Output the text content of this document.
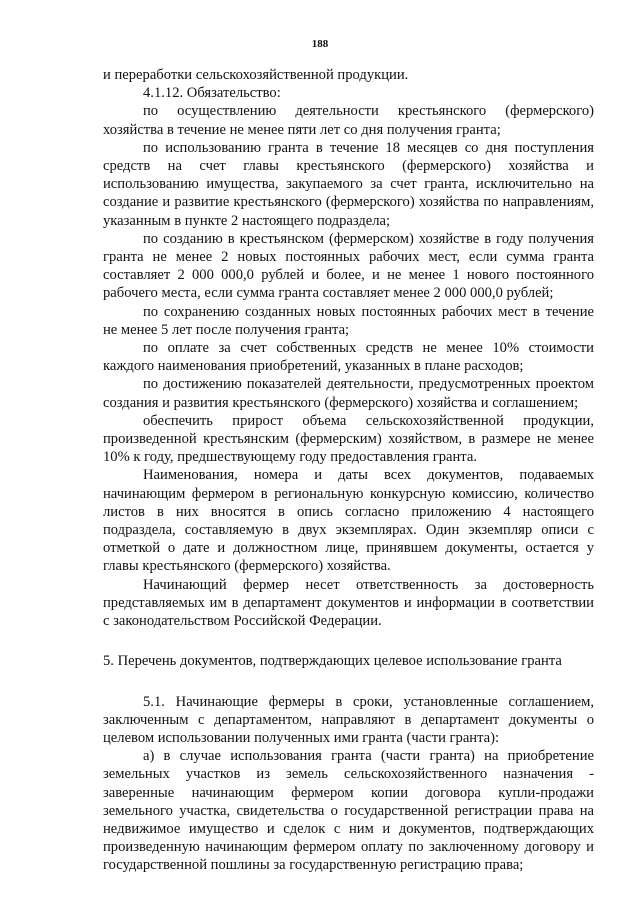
188

и переработки сельскохозяйственной продукции.

4.1.12. Обязательство:

по осуществлению деятельности крестьянского (фермерского) хозяйства в течение не менее пяти лет со дня получения гранта;

по использованию гранта в течение 18 месяцев со дня поступления средств на счет главы крестьянского (фермерского) хозяйства и использованию имущества, закупаемого за счет гранта, исключительно на создание и развитие крестьянского (фермерского) хозяйства по направлениям, указанным в пункте 2 настоящего подраздела;

по созданию в крестьянском (фермерском) хозяйстве в году получения гранта не менее 2 новых постоянных рабочих мест, если сумма гранта составляет 2 000 000,0 рублей и более, и не менее 1 нового постоянного рабочего места, если сумма гранта составляет менее 2 000 000,0 рублей;

по сохранению созданных новых постоянных рабочих мест в течение не менее 5 лет после получения гранта;

по оплате за счет собственных средств не менее 10% стоимости каждого наименования приобретений, указанных в плане расходов;

по достижению показателей деятельности, предусмотренных проектом создания и развития крестьянского (фермерского) хозяйства и соглашением;

обеспечить прирост объема сельскохозяйственной продукции, произведенной крестьянским (фермерским) хозяйством, в размере не менее 10% к году, предшествующему году предоставления гранта.

Наименования, номера и даты всех документов, подаваемых начинающим фермером в региональную конкурсную комиссию, количество листов в них вносятся в опись согласно приложению 4 настоящего подраздела, составляемую в двух экземплярах. Один экземпляр описи с отметкой о дате и должностном лице, принявшем документы, остается у главы крестьянского (фермерского) хозяйства.

Начинающий фермер несет ответственность за достоверность представляемых им в департамент документов и информации в соответствии с законодательством Российской Федерации.

5. Перечень документов, подтверждающих целевое использование гранта

5.1. Начинающие фермеры в сроки, установленные соглашением, заключенным с департаментом, направляют в департамент документы о целевом использовании полученных ими гранта (части гранта):

а) в случае использования гранта (части гранта) на приобретение земельных участков из земель сельскохозяйственного назначения - заверенные начинающим фермером копии договора купли-продажи земельного участка, свидетельства о государственной регистрации права на недвижимое имущество и сделок с ним и документов, подтверждающих произведенную начинающим фермером оплату по заключенному договору и государственной пошлины за государственную регистрацию права;
